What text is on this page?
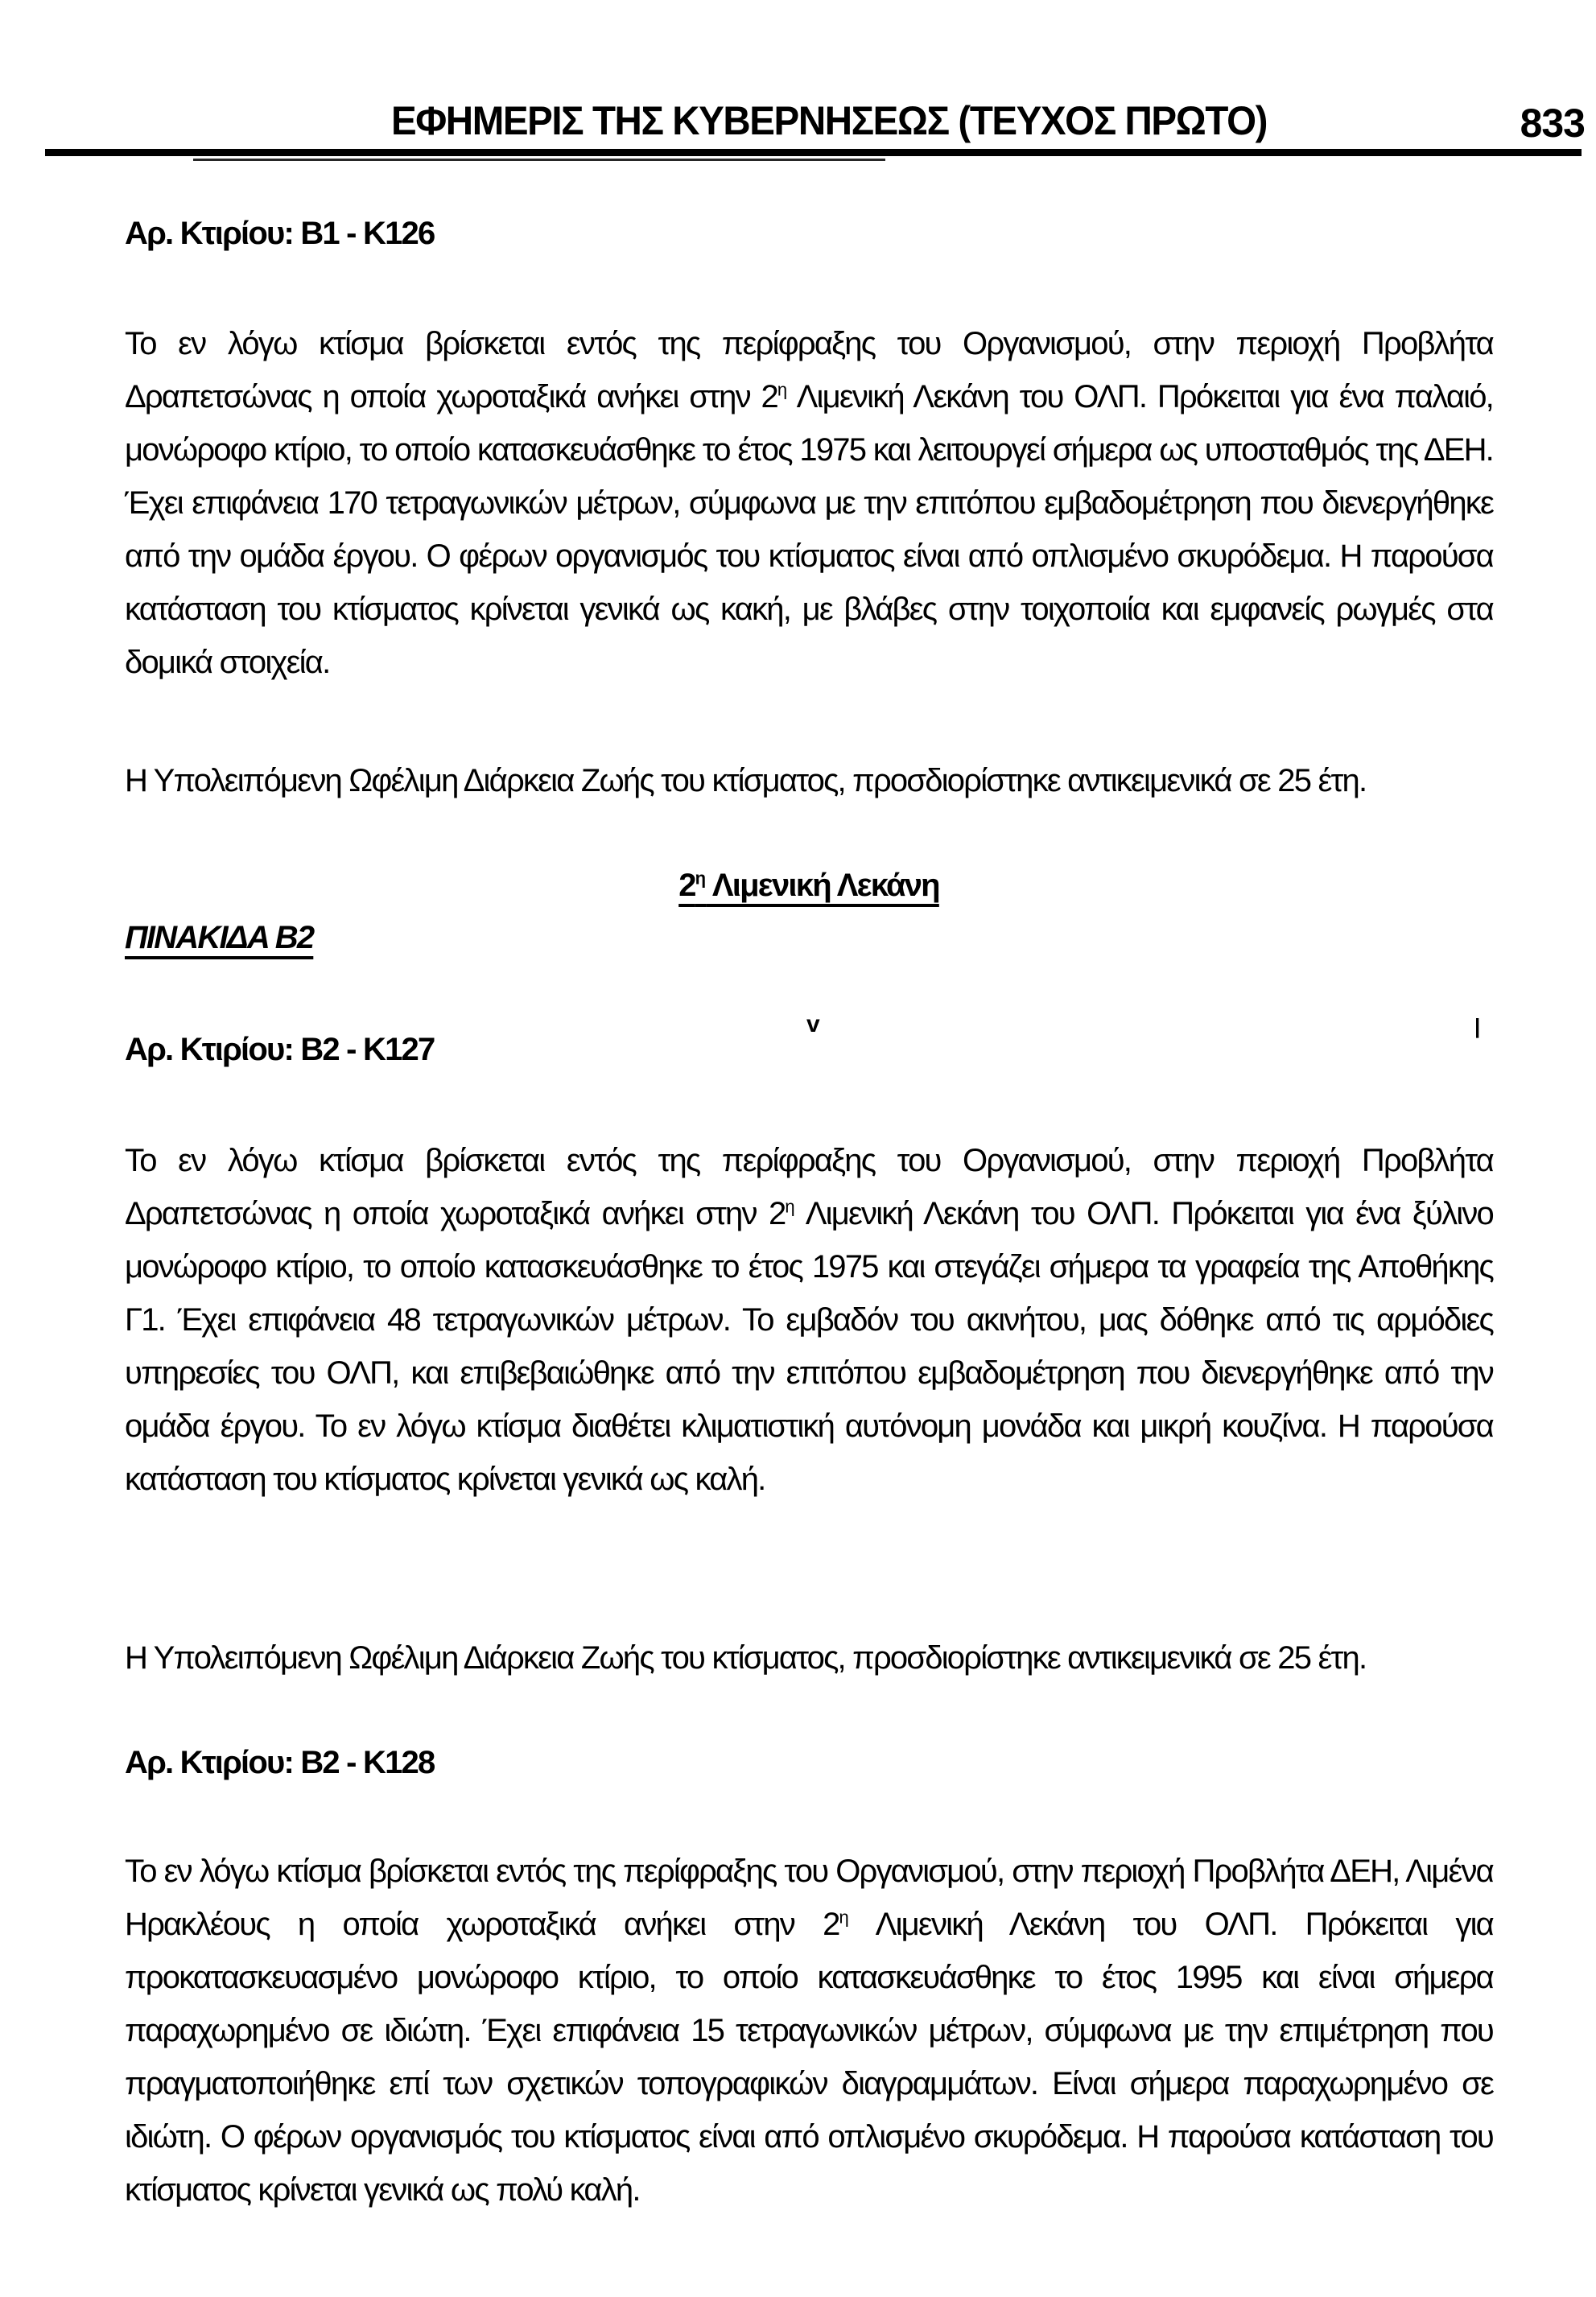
ΕΦΗΜΕΡΙΣ ΤΗΣ ΚΥΒΕΡΝΗΣΕΩΣ (ΤΕΥΧΟΣ ΠΡΩΤΟ)	833
Αρ. Κτιρίου: Β1 - Κ126
Το εν λόγω κτίσμα βρίσκεται εντός της περίφραξης του Οργανισμού, στην περιοχή Προβλήτα Δραπετσώνας η οποία χωροταξικά ανήκει στην $2^\eta$ Λιμενική Λεκάνη του ΟΛΠ. Πρόκειται για ένα παλαιό, μονώροφο κτίριο, το οποίο κατασκευάσθηκε το έτος 1975 και λειτουργεί σήμερα ως υποσταθμός της ΔΕΗ. Έχει επιφάνεια 170 τετραγωνικών μέτρων, σύμφωνα με την επιτόπου εμβαδομέτρηση που διενεργήθηκε από την ομάδα έργου. Ο φέρων οργανισμός του κτίσματος είναι από οπλισμένο σκυρόδεμα. Η παρούσα κατάσταση του κτίσματος κρίνεται γενικά ως κακή, με βλάβες στην τοιχοποιία και εμφανείς ρωγμές στα δομικά στοιχεία.
Η Υπολειπόμενη Ωφέλιμη Διάρκεια Ζωής του κτίσματος, προσδιορίστηκε αντικειμενικά σε 25 έτη.
$2^\eta$ Λιμενική Λεκάνη
ΠΙΝΑΚΙΔΑ Β2
v	|
Αρ. Κτιρίου: Β2 - Κ127
Το εν λόγω κτίσμα βρίσκεται εντός της περίφραξης του Οργανισμού, στην περιοχή Προβλήτα Δραπετσώνας η οποία χωροταξικά ανήκει στην $2^\eta$ Λιμενική Λεκάνη του ΟΛΠ. Πρόκειται για ένα ξύλινο μονώροφο κτίριο, το οποίο κατασκευάσθηκε το έτος 1975 και στεγάζει σήμερα τα γραφεία της Αποθήκης Γ1. Έχει επιφάνεια 48 τετραγωνικών μέτρων. Το εμβαδόν του ακινήτου, μας δόθηκε από τις αρμόδιες υπηρεσίες του ΟΛΠ, και επιβεβαιώθηκε από την επιτόπου εμβαδομέτρηση που διενεργήθηκε από την ομάδα έργου. Το εν λόγω κτίσμα διαθέτει κλιματιστική αυτόνομη μονάδα και μικρή κουζίνα. Η παρούσα κατάσταση του κτίσματος κρίνεται γενικά ως καλή.
Η Υπολειπόμενη Ωφέλιμη Διάρκεια Ζωής του κτίσματος, προσδιορίστηκε αντικειμενικά σε 25 έτη.
Αρ. Κτιρίου: Β2 - Κ128
Το εν λόγω κτίσμα βρίσκεται εντός της περίφραξης του Οργανισμού, στην περιοχή Προβλήτα ΔΕΗ, Λιμένα Ηρακλέους η οποία χωροταξικά ανήκει στην $2^\eta$ Λιμενική Λεκάνη του ΟΛΠ. Πρόκειται για προκατασκευασμένο μονώροφο κτίριο, το οποίο κατασκευάσθηκε το έτος 1995 και είναι σήμερα παραχωρημένο σε ιδιώτη. Έχει επιφάνεια 15 τετραγωνικών μέτρων, σύμφωνα με την επιμέτρηση που πραγματοποιήθηκε επί των σχετικών τοπογραφικών διαγραμμάτων. Είναι σήμερα παραχωρημένο σε ιδιώτη. Ο φέρων οργανισμός του κτίσματος είναι από οπλισμένο σκυρόδεμα. Η παρούσα κατάσταση του κτίσματος κρίνεται γενικά ως πολύ καλή.
